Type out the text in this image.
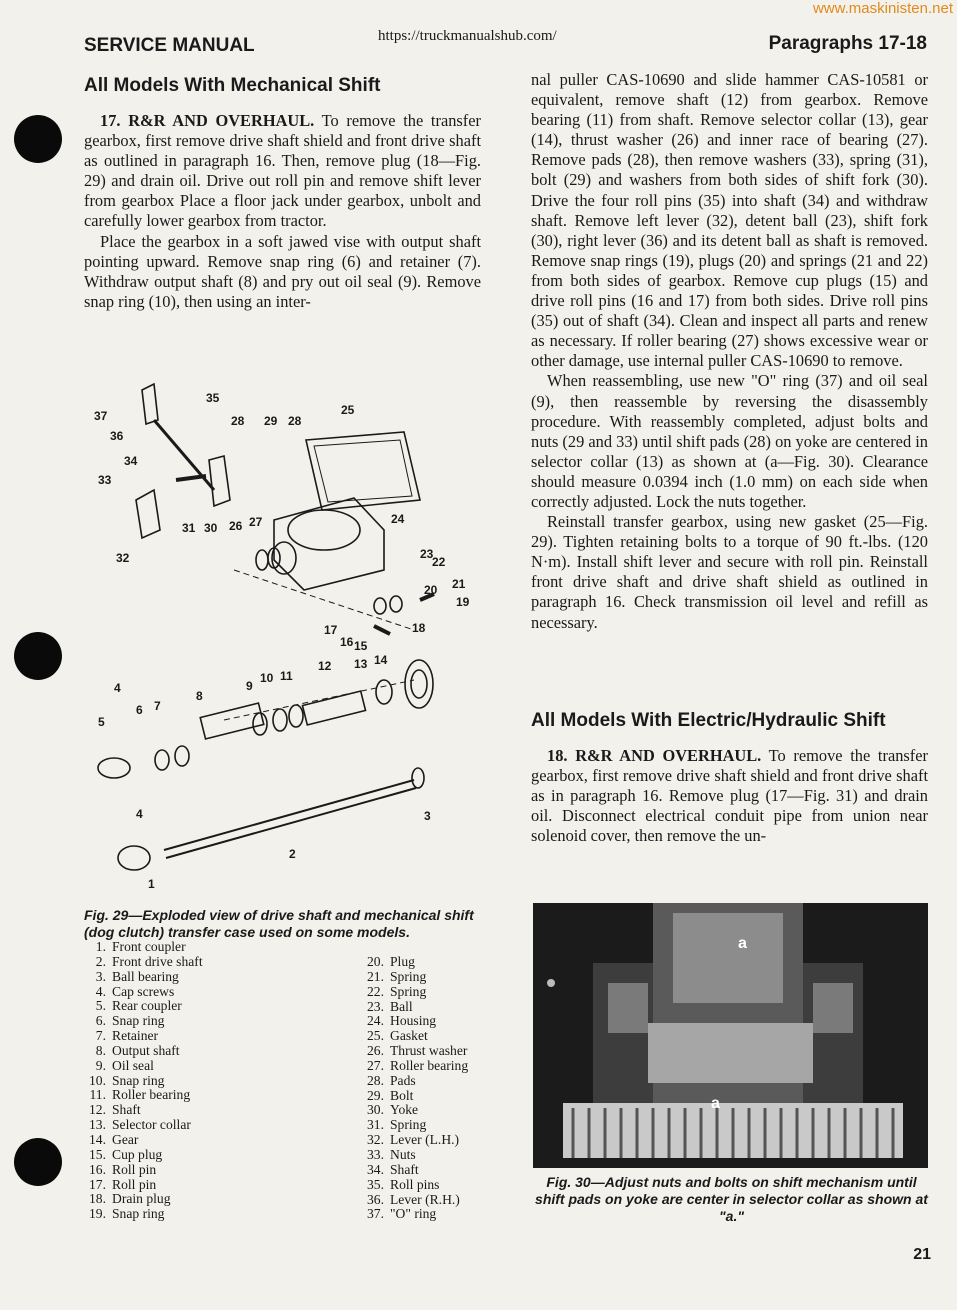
www.maskinisten.net
https://truckmanualshub.com/
SERVICE MANUAL	Paragraphs 17-18
All Models With Mechanical Shift

17. R&R AND OVERHAUL. To remove the transfer gearbox, first remove drive shaft shield and front drive shaft as outlined in paragraph 16. Then, remove plug (18—Fig. 29) and drain oil. Drive out roll pin and remove shift lever from gearbox Place a floor jack under gearbox, unbolt and carefully lower gearbox from tractor.

Place the gearbox in a soft jawed vise with output shaft pointing upward. Remove snap ring (6) and retainer (7). Withdraw output shaft (8) and pry out oil seal (9). Remove snap ring (10), then using an inter-

1
2
3
4
4
5
6 7
8
9
10 11
12 13 14
15
16
17	18
19
20 21
22
23
24
25
26 27
28	28
29
30
31
32
33
34
35
36
37
Fig. 29—Exploded view of drive shaft and mechanical shift (dog clutch) transfer case used on some models.
1. Front coupler
2. Front drive shaft
3. Ball bearing
4. Cap screws
5. Rear coupler
6. Snap ring
7. Retainer
8. Output shaft
9. Oil seal
10. Snap ring
11. Roller bearing
12. Shaft
13. Selector collar
14. Gear
15. Cup plug
16. Roll pin
17. Roll pin
18. Drain plug
19. Snap ring
20. Plug
21. Spring
22. Spring
23. Ball
24. Housing
25. Gasket
26. Thrust washer
27. Roller bearing
28. Pads
29. Bolt
30. Yoke
31. Spring
32. Lever (L.H.)
33. Nuts
34. Shaft
35. Roll pins
36. Lever (R.H.)
37. "O" ring

nal puller CAS-10690 and slide hammer CAS-10581 or equivalent, remove shaft (12) from gearbox. Remove bearing (11) from shaft. Remove selector collar (13), gear (14), thrust washer (26) and inner race of bearing (27). Remove pads (28), then remove washers (33), spring (31), bolt (29) and washers from both sides of shift fork (30). Drive the four roll pins (35) into shaft (34) and withdraw shaft. Remove left lever (32), detent ball (23), shift fork (30), right lever (36) and its detent ball as shaft is removed. Remove snap rings (19), plugs (20) and springs (21 and 22) from both sides of gearbox. Remove cup plugs (15) and drive roll pins (16 and 17) from both sides. Drive roll pins (35) out of shaft (34). Clean and inspect all parts and renew as necessary. If roller bearing (27) shows excessive wear or other damage, use internal puller CAS-10690 to remove.

When reassembling, use new "O" ring (37) and oil seal (9), then reassemble by reversing the disassembly procedure. With reassembly completed, adjust bolts and nuts (29 and 33) until shift pads (28) on yoke are centered in selector collar (13) as shown at (a—Fig. 30). Clearance should measure 0.0394 inch (1.0 mm) on each side when correctly adjusted. Lock the nuts together.

Reinstall transfer gearbox, using new gasket (25—Fig. 29). Tighten retaining bolts to a torque of 90 ft.-lbs. (120 N·m). Install shift lever and secure with roll pin. Reinstall front drive shaft and drive shaft shield as outlined in paragraph 16. Check transmission oil level and refill as necessary.

All Models With Electric/Hydraulic Shift

18. R&R AND OVERHAUL. To remove the transfer gearbox, first remove drive shaft shield and front drive shaft as in paragraph 16. Remove plug (17—Fig. 31) and drain oil. Disconnect electrical conduit pipe from union near solenoid cover, then remove the un-

a
a
Fig. 30—Adjust nuts and bolts on shift mechanism until shift pads on yoke are center in selector collar as shown at "a."
21
